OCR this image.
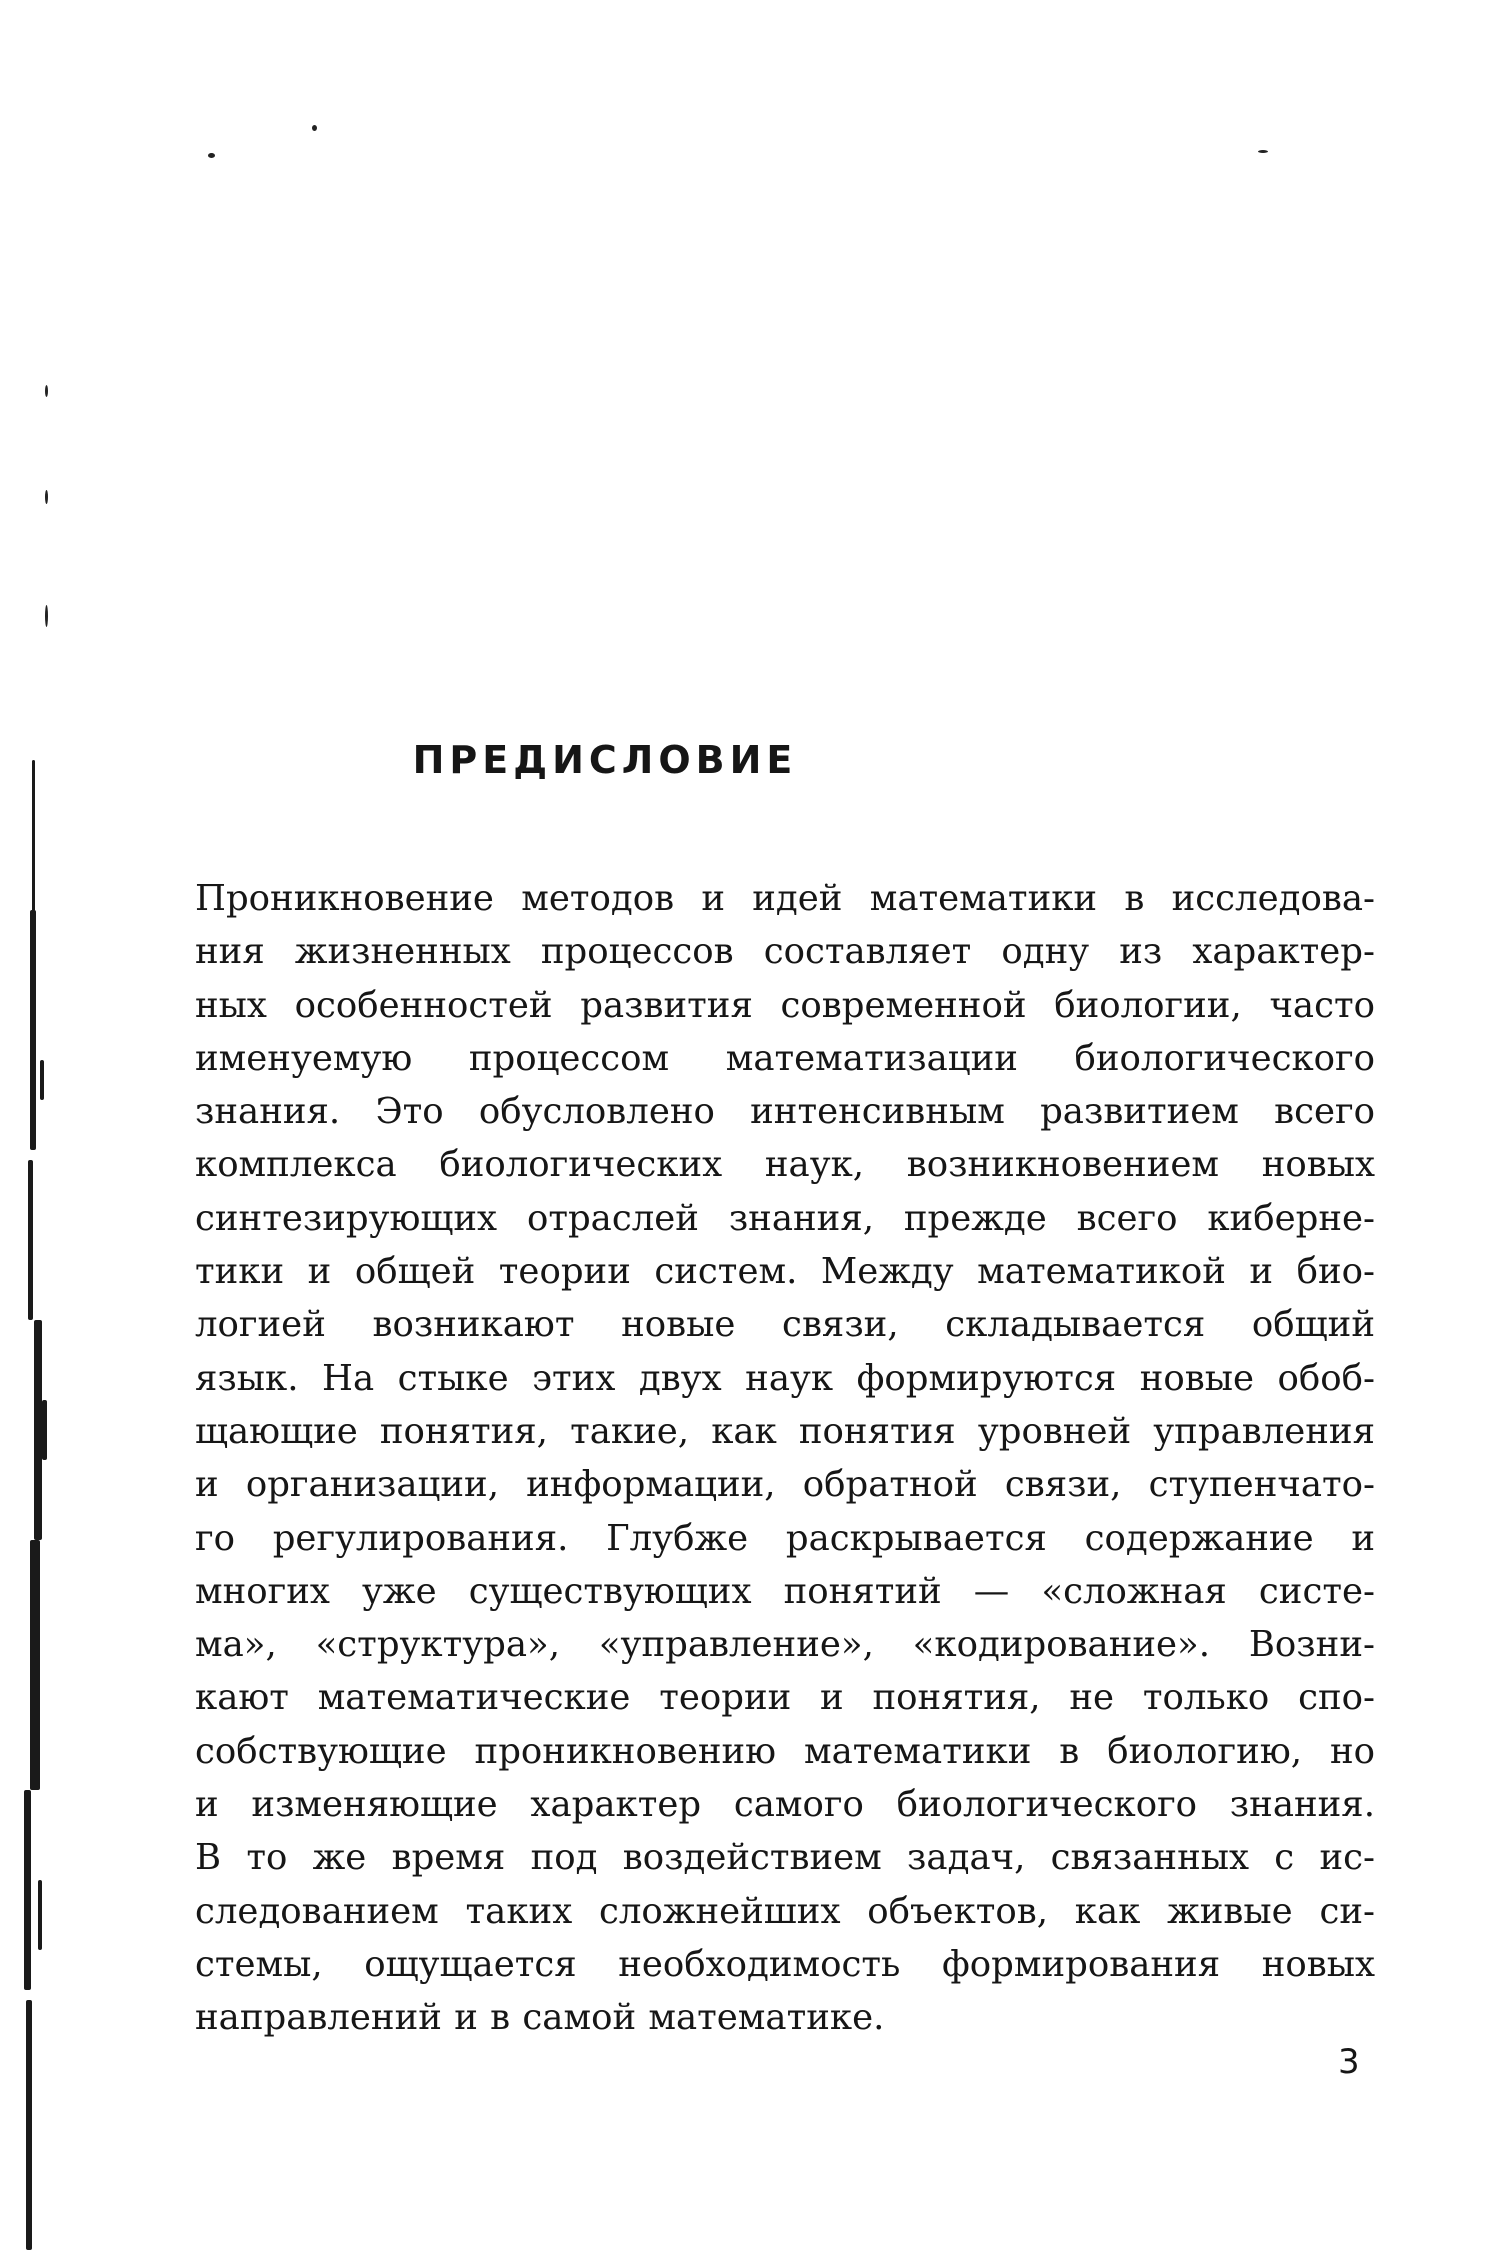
ПРЕДИСЛОВИЕ

Проникновение методов и идей математики в исследова-
ния жизненных процессов составляет одну из характер-
ных особенностей развития современной биологии, часто
именуемую процессом математизации биологического
знания. Это обусловлено интенсивным развитием всего
комплекса биологических наук, возникновением новых
синтезирующих отраслей знания, прежде всего киберне-
тики и общей теории систем. Между математикой и био-
логией возникают новые связи, складывается общий
язык. На стыке этих двух наук формируются новые обоб-
щающие понятия, такие, как понятия уровней управления
и организации, информации, обратной связи, ступенчато-
го регулирования. Глубже раскрывается содержание и
многих уже существующих понятий — «сложная систе-
ма», «структура», «управление», «кодирование». Возни-
кают математические теории и понятия, не только спо-
собствующие проникновению математики в биологию, но
и изменяющие характер самого биологического знания.
В то же время под воздействием задач, связанных с ис-
следованием таких сложнейших объектов, как живые си-
стемы, ощущается необходимость формирования новых
направлений и в самой математике.

3
